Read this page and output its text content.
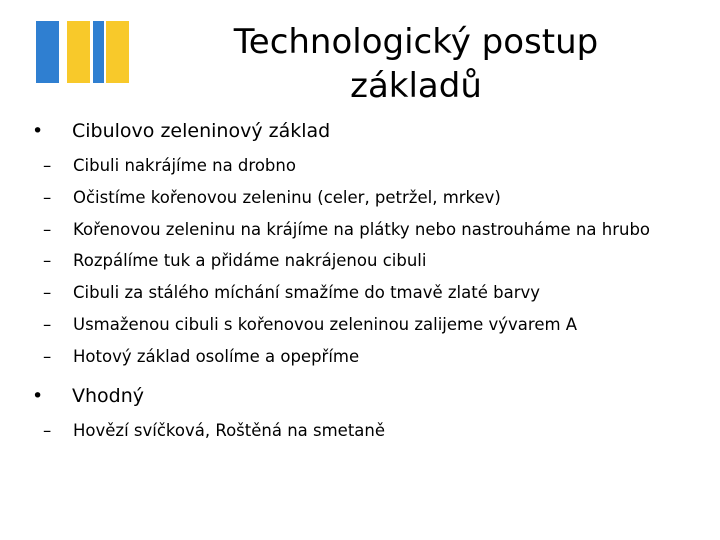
Technologický postup základů
• Cibulovo zeleninový základ
– Cibuli nakrájíme na drobno
– Očistíme kořenovou zeleninu (celer, petržel, mrkev)
– Kořenovou zeleninu na krájíme na plátky nebo nastrouháme na hrubo
– Rozpálíme tuk a přidáme nakrájenou cibuli
– Cibuli za stálého míchání smažíme do tmavě zlaté barvy
– Usmaženou cibuli s kořenovou zeleninou zalijeme vývarem A
– Hotový základ osolíme a opepříme
• Vhodný
– Hovězí svíčková, Roštěná na smetaně
